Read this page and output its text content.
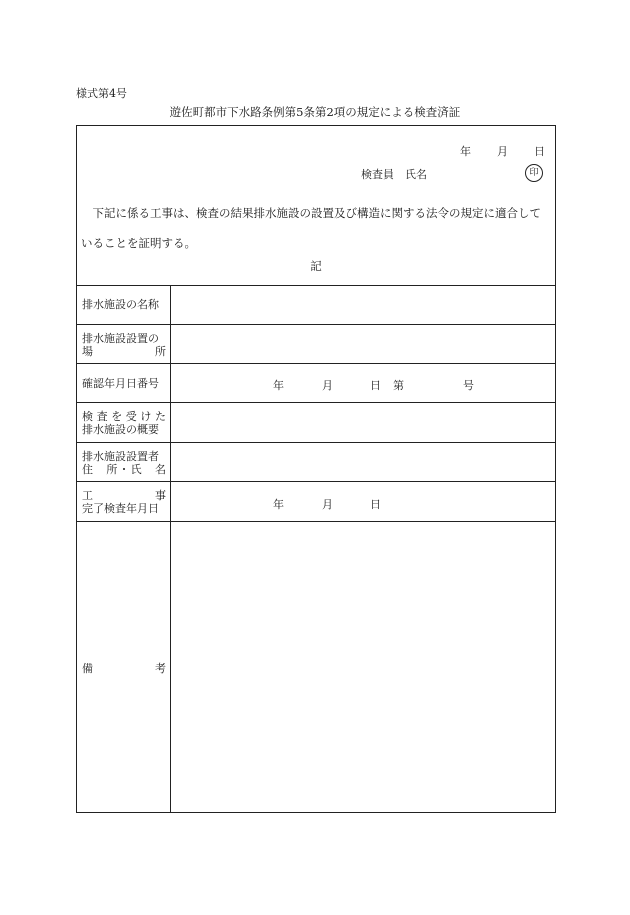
様式第4号
遊佐町都市下水路条例第5条第2項の規定による検査済証
年 月 日
検査員　氏名	印
下記に係る工事は、検査の結果排水施設の設置及び構造に関する法令の規定に適合していることを証明する。
記
排水施設の名称
排水施設設置の
場　　　所
確認年月日番号	年	月	日 第	号
検査を受けた
排水施設の概要
排水施設設置者
住　所・氏　名
工　　　　事
完了検査年月日	年	月	日
備　　　　考
